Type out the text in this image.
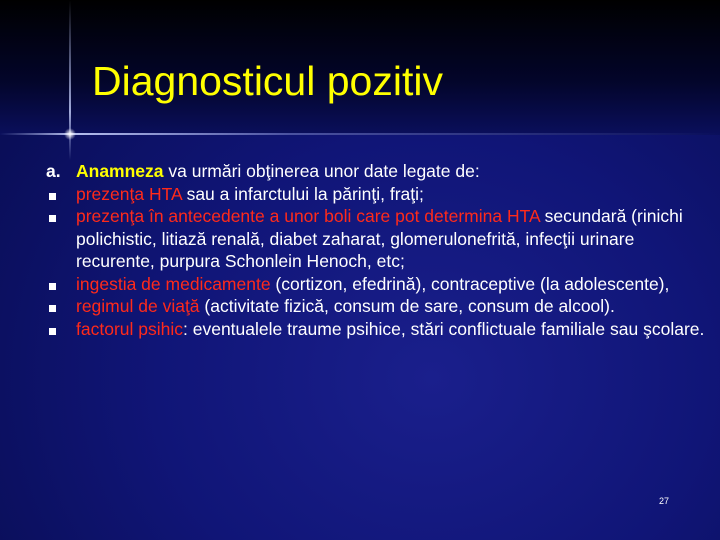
Diagnosticul pozitiv
a. Anamneza va urmări obţinerea unor date legate de:
prezenţa HTA sau a infarctului la părinţi, fraţi;
prezenţa în antecedente a unor boli care pot determina HTA secundară (rinichi polichistic, litiază renală, diabet zaharat, glomerulonefrită, infecţii urinare recurente, purpura Schonlein Henoch, etc;
ingestia de medicamente (cortizon, efedrină), contraceptive (la adolescente),
regimul de viaţă (activitate fizică, consum de sare, consum de alcool).
factorul psihic: eventualele traume psihice, stări conflictuale familiale sau şcolare.
27
